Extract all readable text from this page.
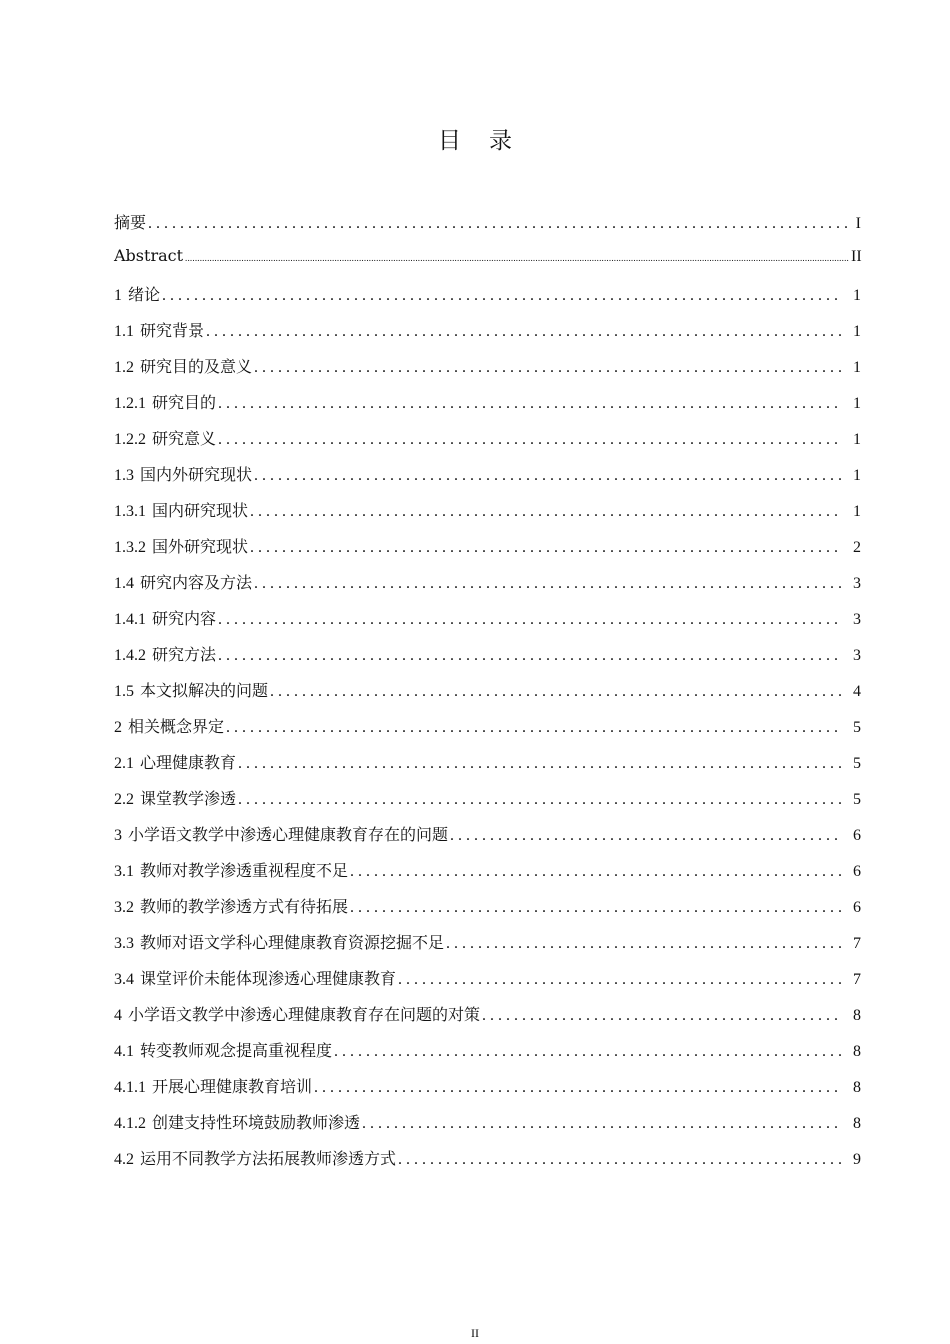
目 录
摘要 . . .	I
Abstract .....	II
1 绪论 . . .	1
1.1 研究背景 . . .	1
1.2 研究目的及意义 . . .	1
1.2.1 研究目的 . . .	1
1.2.2 研究意义 . . .	1
1.3 国内外研究现状 . . .	1
1.3.1 国内研究现状 . . .	1
1.3.2 国外研究现状 . . .	2
1.4 研究内容及方法 . . .	3
1.4.1 研究内容 . . .	3
1.4.2 研究方法 . . .	3
1.5 本文拟解决的问题 . . .	4
2 相关概念界定 . . .	5
2.1 心理健康教育 . . .	5
2.2 课堂教学渗透 . . .	5
3 小学语文教学中渗透心理健康教育存在的问题 . . .	6
3.1 教师对教学渗透重视程度不足 . . .	6
3.2 教师的教学渗透方式有待拓展 . . .	6
3.3 教师对语文学科心理健康教育资源挖掘不足 . . .	7
3.4 课堂评价未能体现渗透心理健康教育 . . .	7
4 小学语文教学中渗透心理健康教育存在问题的对策 . . .	8
4.1 转变教师观念提高重视程度 . . .	8
4.1.1 开展心理健康教育培训 . . .	8
4.1.2 创建支持性环境鼓励教师渗透 . . .	8
4.2 运用不同教学方法拓展教师渗透方式 . . .	9
II
